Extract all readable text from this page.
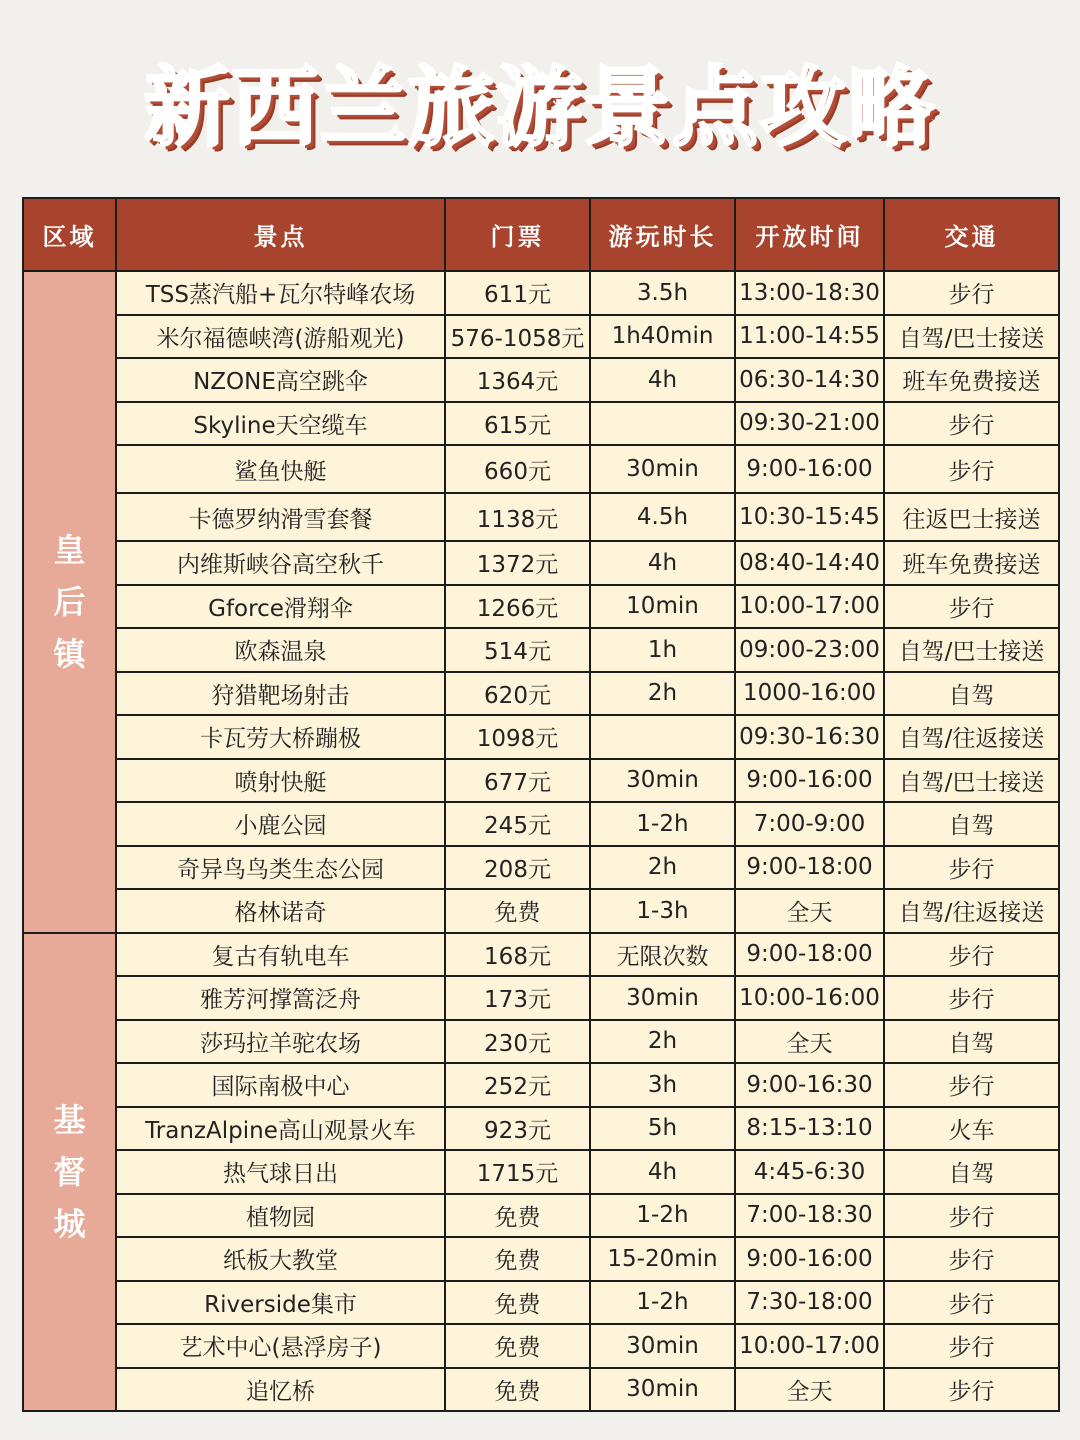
新西兰旅游景点攻略
区域	景点	门票	游玩时长	开放时间	交通
皇后镇	TSS蒸汽船+瓦尔特峰农场	611元	3.5h	13:00-18:30	步行
	米尔福德峡湾(游船观光)	576-1058元	1h40min	11:00-14:55	自驾/巴士接送
	NZONE高空跳伞	1364元	4h	06:30-14:30	班车免费接送
	Skyline天空缆车	615元		09:30-21:00	步行
	鲨鱼快艇	660元	30min	9:00-16:00	步行
	卡德罗纳滑雪套餐	1138元	4.5h	10:30-15:45	往返巴士接送
	内维斯峡谷高空秋千	1372元	4h	08:40-14:40	班车免费接送
	Gforce滑翔伞	1266元	10min	10:00-17:00	步行
	欧森温泉	514元	1h	09:00-23:00	自驾/巴士接送
	狩猎靶场射击	620元	2h	1000-16:00	自驾
	卡瓦劳大桥蹦极	1098元		09:30-16:30	自驾/往返接送
	喷射快艇	677元	30min	9:00-16:00	自驾/巴士接送
	小鹿公园	245元	1-2h	7:00-9:00	自驾
	奇异鸟鸟类生态公园	208元	2h	9:00-18:00	步行
	格林诺奇	免费	1-3h	全天	自驾/往返接送
基督城	复古有轨电车	168元	无限次数	9:00-18:00	步行
	雅芳河撑篙泛舟	173元	30min	10:00-16:00	步行
	莎玛拉羊驼农场	230元	2h	全天	自驾
	国际南极中心	252元	3h	9:00-16:30	步行
	TranzAlpine高山观景火车	923元	5h	8:15-13:10	火车
	热气球日出	1715元	4h	4:45-6:30	自驾
	植物园	免费	1-2h	7:00-18:30	步行
	纸板大教堂	免费	15-20min	9:00-16:00	步行
	Riverside集市	免费	1-2h	7:30-18:00	步行
	艺术中心(悬浮房子)	免费	30min	10:00-17:00	步行
	追忆桥	免费	30min	全天	步行
